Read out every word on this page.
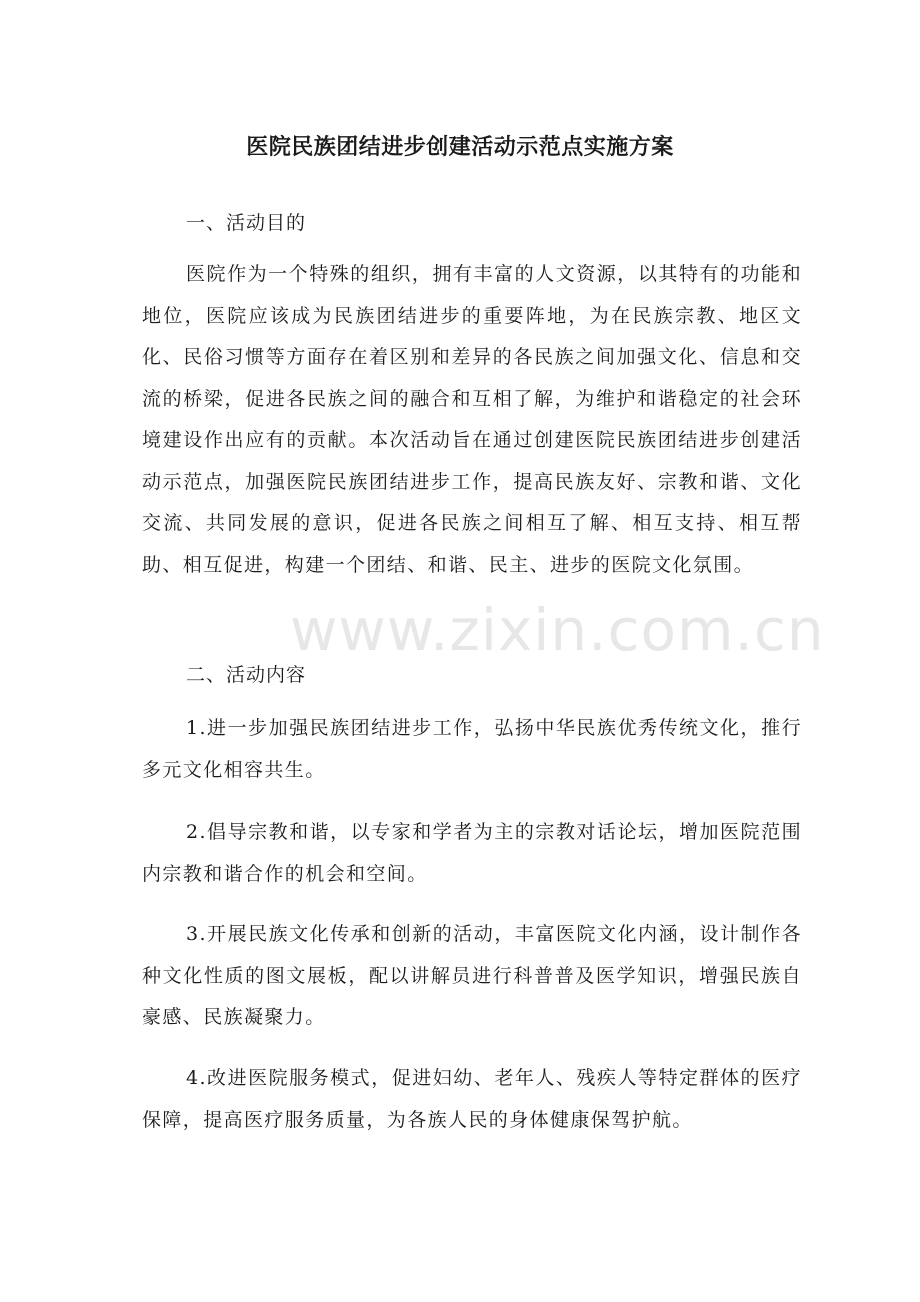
医院民族团结进步创建活动示范点实施方案

一、活动目的

医院作为一个特殊的组织，拥有丰富的人文资源，以其特有的功能和地位，医院应该成为民族团结进步的重要阵地，为在民族宗教、地区文化、民俗习惯等方面存在着区别和差异的各民族之间加强文化、信息和交流的桥梁，促进各民族之间的融合和互相了解，为维护和谐稳定的社会环境建设作出应有的贡献。本次活动旨在通过创建医院民族团结进步创建活动示范点，加强医院民族团结进步工作，提高民族友好、宗教和谐、文化交流、共同发展的意识，促进各民族之间相互了解、相互支持、相互帮助、相互促进，构建一个团结、和谐、民主、进步的医院文化氛围。

二、活动内容

1.进一步加强民族团结进步工作，弘扬中华民族优秀传统文化，推行多元文化相容共生。

2.倡导宗教和谐，以专家和学者为主的宗教对话论坛，增加医院范围内宗教和谐合作的机会和空间。

3.开展民族文化传承和创新的活动，丰富医院文化内涵，设计制作各种文化性质的图文展板，配以讲解员进行科普普及医学知识，增强民族自豪感、民族凝聚力。

4.改进医院服务模式，促进妇幼、老年人、残疾人等特定群体的医疗保障，提高医疗服务质量，为各族人民的身体健康保驾护航。

www.zixin.com.cn
